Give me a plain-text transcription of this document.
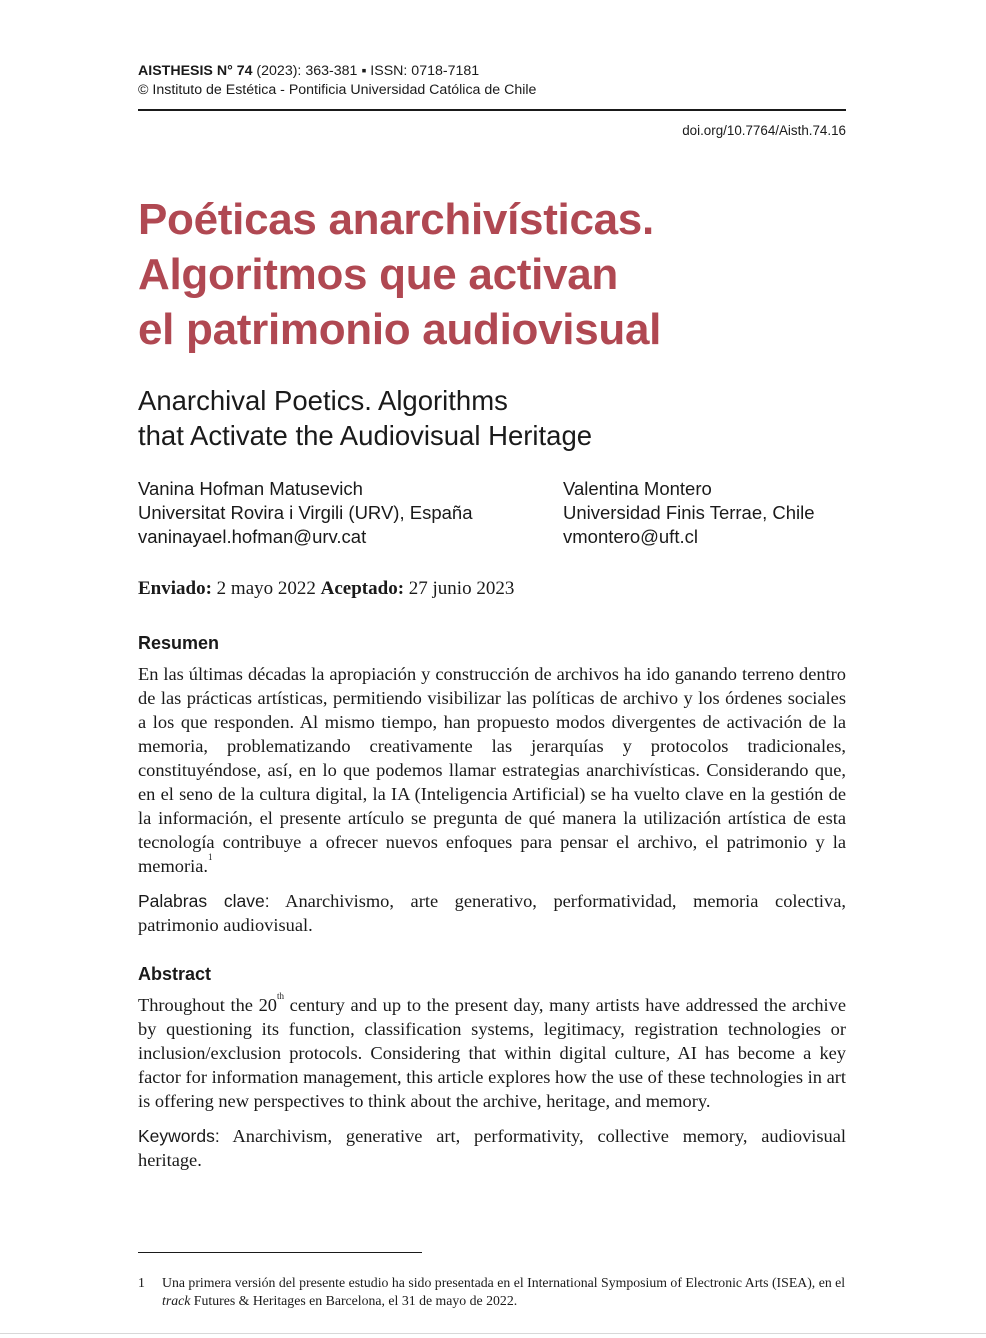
AISTHESIS N° 74 (2023): 363-381 ▪ ISSN: 0718-7181
© Instituto de Estética - Pontificia Universidad Católica de Chile
doi.org/10.7764/Aisth.74.16
Poéticas anarchivísticas.
Algoritmos que activan
el patrimonio audiovisual
Anarchival Poetics. Algorithms
that Activate the Audiovisual Heritage
Vanina Hofman Matusevich
Universitat Rovira i Virgili (URV), España
vaninayael.hofman@urv.cat
Valentina Montero
Universidad Finis Terrae, Chile
vmontero@uft.cl
Enviado: 2 mayo 2022 Aceptado: 27 junio 2023
Resumen
En las últimas décadas la apropiación y construcción de archivos ha ido ganando terreno dentro de las prácticas artísticas, permitiendo visibilizar las políticas de archivo y los órdenes sociales a los que responden. Al mismo tiempo, han propuesto modos divergentes de activación de la memoria, problematizando creativamente las jerarquías y protocolos tradicionales, constituyéndose, así, en lo que podemos llamar estrategias anarchivísticas. Considerando que, en el seno de la cultura digital, la IA (Inteligencia Artificial) se ha vuelto clave en la gestión de la información, el presente artículo se pregunta de qué manera la utilización artística de esta tecnología contribuye a ofrecer nuevos enfoques para pensar el archivo, el patrimonio y la memoria.$^1$
Palabras clave: Anarchivismo, arte generativo, performatividad, memoria colectiva, patrimonio audiovisual.
Abstract
Throughout the 20th century and up to the present day, many artists have addressed the archive by questioning its function, classification systems, legitimacy, registration technologies or inclusion/exclusion protocols. Considering that within digital culture, AI has become a key factor for information management, this article explores how the use of these technologies in art is offering new perspectives to think about the archive, heritage, and memory.
Keywords: Anarchivism, generative art, performativity, collective memory, audiovisual heritage.
1 Una primera versión del presente estudio ha sido presentada en el International Symposium of Electronic Arts (ISEA), en el track Futures & Heritages en Barcelona, el 31 de mayo de 2022.
